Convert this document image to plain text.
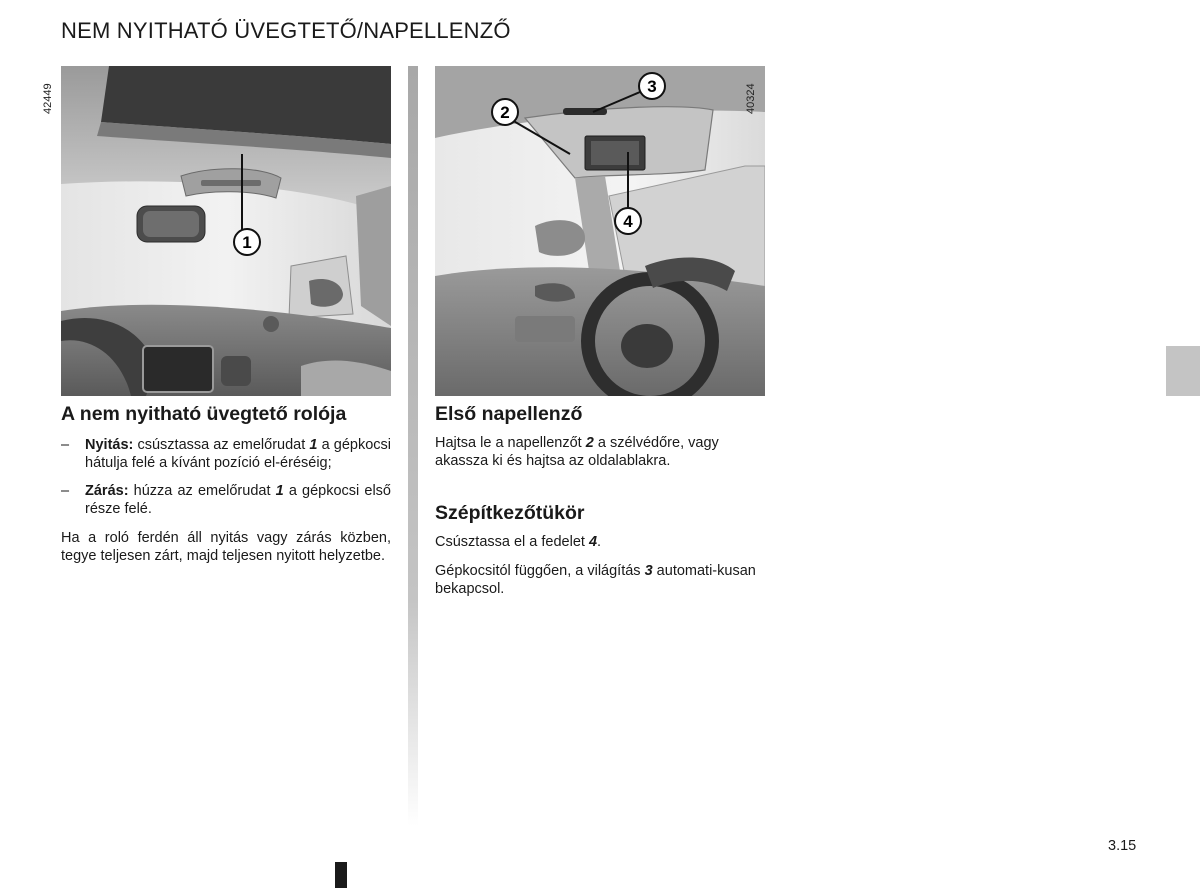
NEM NYITHATÓ ÜVEGTETŐ/NAPELLENZŐ
1
42449	2
3
4
40324
A nem nyitható üvegtető rolója
–	Nyitás: csúsztassa az emelőrudat 1 a gépkocsi hátulja felé a kívánt pozíció el-éréséig;
–	Zárás: húzza az emelőrudat 1 a gépkocsi első része felé.

Ha a roló ferdén áll nyitás vagy zárás közben, tegye teljesen zárt, majd teljesen nyitott helyzetbe.

Első napellenző

Hajtsa le a napellenzőt 2 a szélvédőre, vagy akassza ki és hajtsa az oldalablakra.

Szépítkezőtükör

Csúsztassa el a fedelet 4.

Gépkocsitól függően, a világítás 3 automati-kusan bekapcsol.

3.15
